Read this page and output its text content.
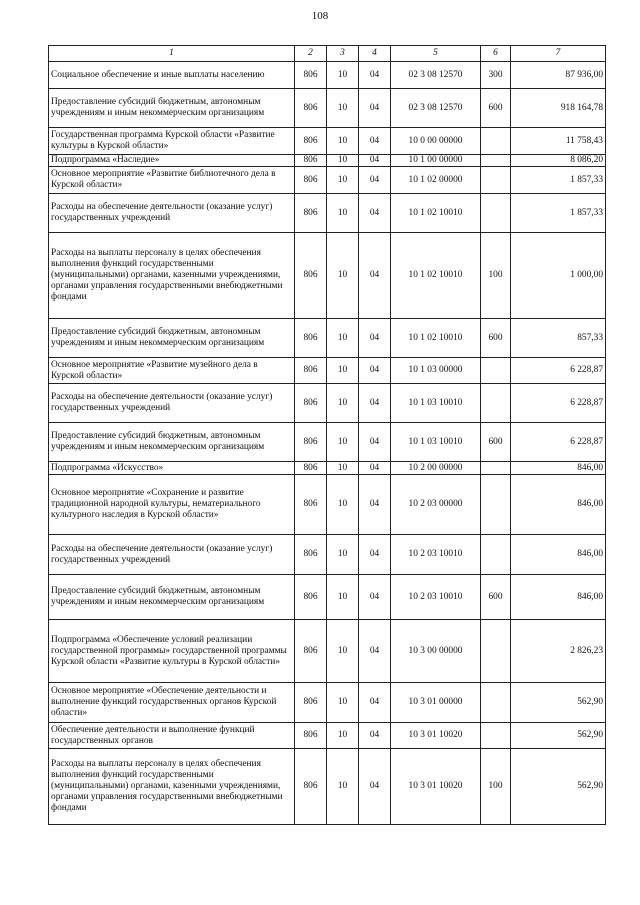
108
1	2	3	4	5	6	7
Социальное обеспечение и иные выплаты населению	806	10	04	02 3 08 12570	300	87 936,00
Предоставление субсидий бюджетным, автономным учреждениям и иным некоммерческим организациям	806	10	04	02 3 08 12570	600	918 164,78
Государственная программа Курской области «Развитие культуры в Курской области»	806	10	04	10 0 00 00000		11 758,43
Подпрограмма «Наследие»	806	10	04	10 1 00 00000		8 086,20
Основное мероприятие «Развитие библиотечного дела в Курской области»	806	10	04	10 1 02 00000		1 857,33
Расходы на обеспечение деятельности (оказание услуг) государственных учреждений	806	10	04	10 1 02 10010		1 857,33
Расходы на выплаты персоналу в целях обеспечения выполнения функций государственными (муниципальными) органами, казенными учреждениями, органами управления государственными внебюджетными фондами	806	10	04	10 1 02 10010	100	1 000,00
Предоставление субсидий бюджетным, автономным учреждениям и иным некоммерческим организациям	806	10	04	10 1 02 10010	600	857,33
Основное мероприятие «Развитие музейного дела в Курской области»	806	10	04	10 1 03 00000		6 228,87
Расходы на обеспечение деятельности (оказание услуг) государственных учреждений	806	10	04	10 1 03 10010		6 228,87
Предоставление субсидий бюджетным, автономным учреждениям и иным некоммерческим организациям	806	10	04	10 1 03 10010	600	6 228,87
Подпрограмма «Искусство»	806	10	04	10 2 00 00000		846,00
Основное мероприятие «Сохранение и развитие традиционной народной культуры, нематериального культурного наследия в Курской области»	806	10	04	10 2 03 00000		846,00
Расходы на обеспечение деятельности (оказание услуг) государственных учреждений	806	10	04	10 2 03 10010		846,00
Предоставление субсидий бюджетным, автономным учреждениям и иным некоммерческим организациям	806	10	04	10 2 03 10010	600	846,00
Подпрограмма «Обеспечение условий реализации государственной программы» государственной программы Курской области «Развитие культуры в Курской области»	806	10	04	10 3 00 00000		2 826,23
Основное мероприятие «Обеспечение деятельности и выполнение функций государственных органов Курской области»	806	10	04	10 3 01 00000		562,90
Обеспечение деятельности и выполнение функций государственных органов	806	10	04	10 3 01 10020		562,90
Расходы на выплаты персоналу в целях обеспечения выполнения функций государственными (муниципальными) органами, казенными учреждениями, органами управления государственными внебюджетными фондами	806	10	04	10 3 01 10020	100	562,90
